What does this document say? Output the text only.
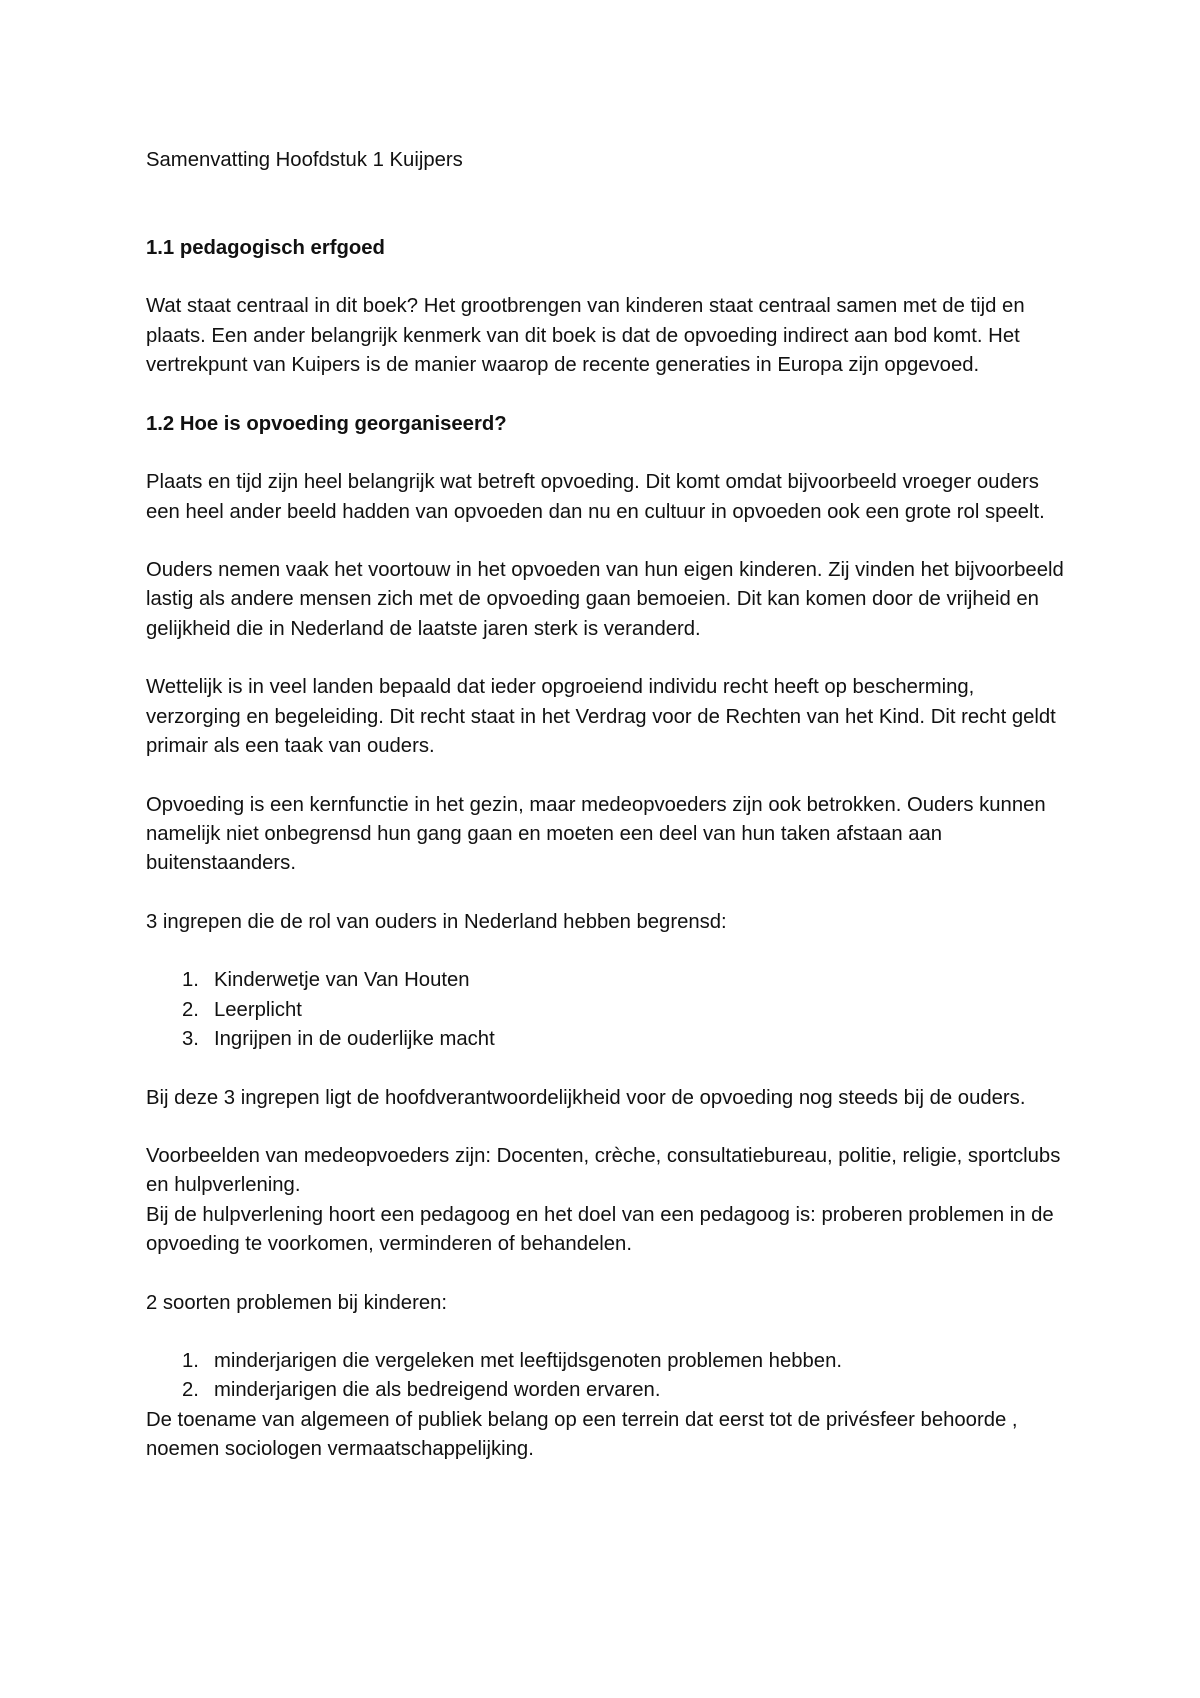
Samenvatting Hoofdstuk 1 Kuijpers

1.1 pedagogisch erfgoed

Wat staat centraal in dit boek? Het grootbrengen van kinderen staat centraal samen met de tijd en plaats. Een ander belangrijk kenmerk van dit boek is dat de opvoeding indirect aan bod komt. Het vertrekpunt van Kuipers is de manier waarop de recente generaties in Europa zijn opgevoed.

1.2 Hoe is opvoeding georganiseerd?

Plaats en tijd zijn heel belangrijk wat betreft opvoeding. Dit komt omdat bijvoorbeeld vroeger ouders een heel ander beeld hadden van opvoeden dan nu en cultuur in opvoeden ook een grote rol speelt.

Ouders nemen vaak het voortouw in het opvoeden van hun eigen kinderen. Zij vinden het bijvoorbeeld lastig als andere mensen zich met de opvoeding gaan bemoeien. Dit kan komen door de vrijheid en gelijkheid die in Nederland de laatste jaren sterk is veranderd.

Wettelijk is in veel landen bepaald dat ieder opgroeiend individu recht heeft op bescherming, verzorging en begeleiding. Dit recht staat in het Verdrag voor de Rechten van het Kind. Dit recht geldt primair als een taak van ouders.

Opvoeding is een kernfunctie in het gezin, maar medeopvoeders zijn ook betrokken. Ouders kunnen namelijk niet onbegrensd hun gang gaan en moeten een deel van hun taken afstaan aan buitenstaanders.

3 ingrepen die de rol van ouders in Nederland hebben begrensd:

1. Kinderwetje van Van Houten
2. Leerplicht
3. Ingrijpen in de ouderlijke macht

Bij deze 3 ingrepen ligt de hoofdverantwoordelijkheid voor de opvoeding nog steeds bij de ouders.

Voorbeelden van medeopvoeders zijn: Docenten, crèche, consultatiebureau, politie, religie, sportclubs en hulpverlening.

Bij de hulpverlening hoort een pedagoog en het doel van een pedagoog is: proberen problemen in de opvoeding te voorkomen, verminderen of behandelen.

2 soorten problemen bij kinderen:

1. minderjarigen die vergeleken met leeftijdsgenoten problemen hebben.
2. minderjarigen die als bedreigend worden ervaren.

De toename van algemeen of publiek belang op een terrein dat eerst tot de privésfeer behoorde , noemen sociologen vermaatschappelijking.
